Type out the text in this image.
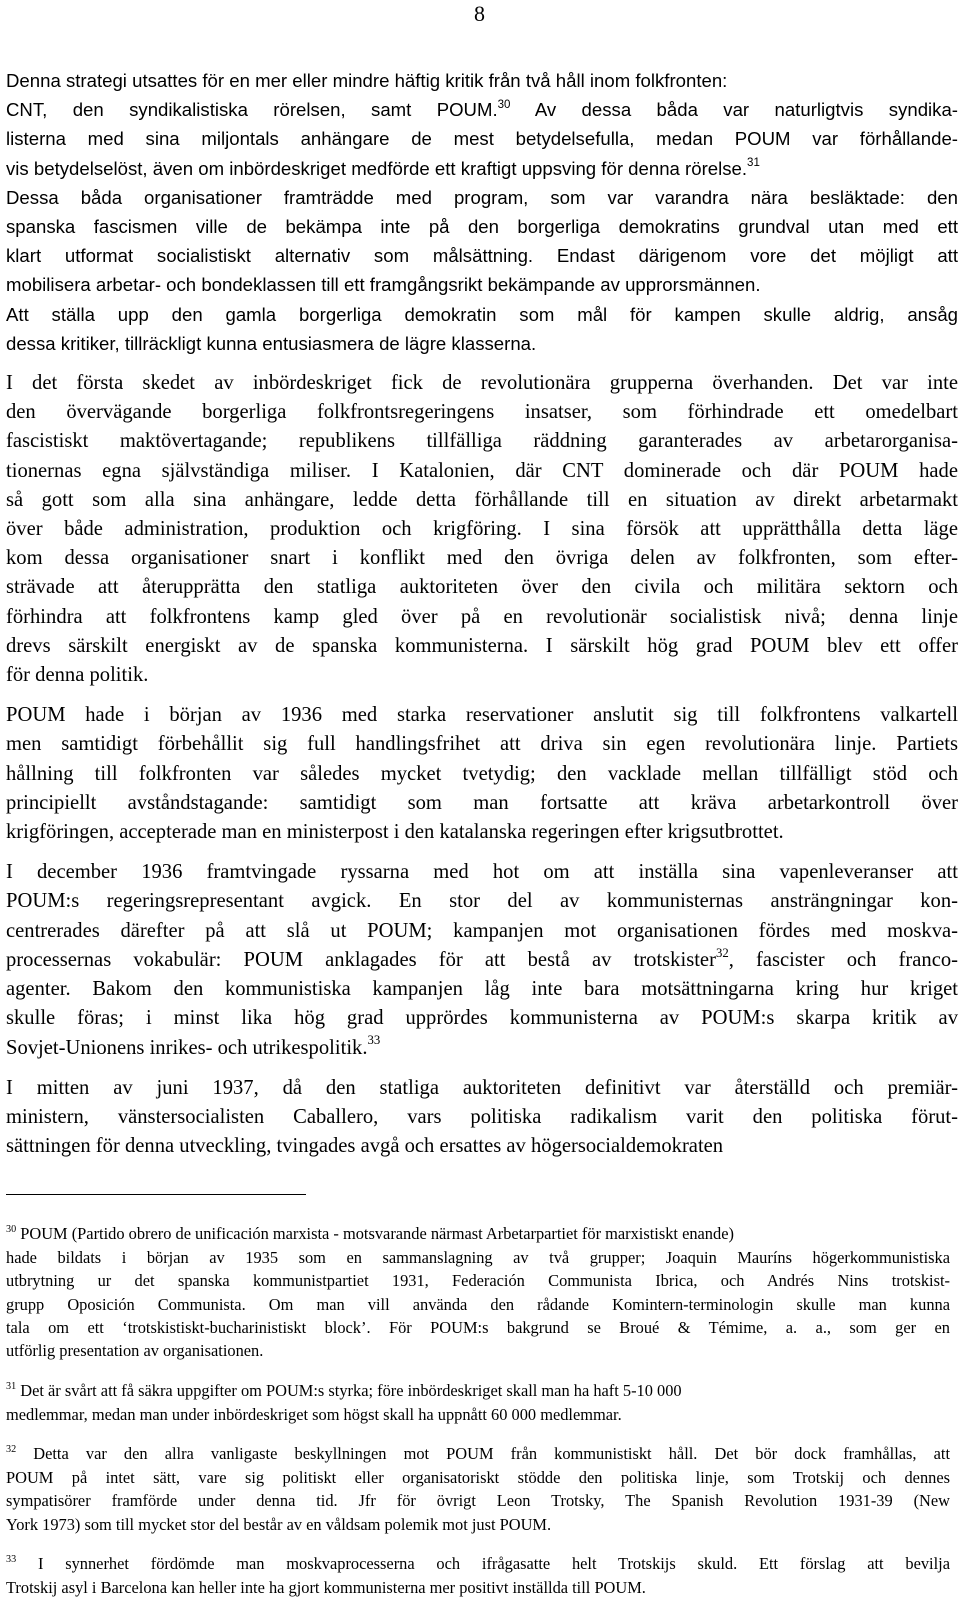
8

Denna strategi utsattes för en mer eller mindre häftig kritik från två håll inom folkfronten:
CNT, den syndikalistiska rörelsen, samt POUM.$^{30}$ Av dessa båda var naturligtvis syndika-
listerna med sina miljontals anhängare de mest betydelsefulla, medan POUM var förhållande-
vis betydelselöst, även om inbördeskriget medförde ett kraftigt uppsving för denna rörelse.$^{31}$
Dessa båda organisationer framträdde med program, som var varandra nära besläktade: den
spanska fascismen ville de bekämpa inte på den borgerliga demokratins grundval utan med ett
klart utformat socialistiskt alternativ som målsättning. Endast därigenom vore det möjligt att
mobilisera arbetar- och bondeklassen till ett framgångsrikt bekämpande av upprorsmännen.
Att ställa upp den gamla borgerliga demokratin som mål för kampen skulle aldrig, ansåg
dessa kritiker, tillräckligt kunna entusiasmera de lägre klasserna.

I det första skedet av inbördeskriget fick de revolutionära grupperna överhanden. Det var inte
den övervägande borgerliga folkfrontsregeringens insatser, som förhindrade ett omedelbart
fascistiskt maktövertagande; republikens tillfälliga räddning garanterades av arbetarorganisa-
tionernas egna självständiga miliser. I Katalonien, där CNT dominerade och där POUM hade
så gott som alla sina anhängare, ledde detta förhållande till en situation av direkt arbetarmakt
över både administration, produktion och krigföring. I sina försök att upprätthålla detta läge
kom dessa organisationer snart i konflikt med den övriga delen av folkfronten, som efter-
strävade att återupprätta den statliga auktoriteten över den civila och militära sektorn och
förhindra att folkfrontens kamp gled över på en revolutionär socialistisk nivå; denna linje
drevs särskilt energiskt av de spanska kommunisterna. I särskilt hög grad POUM blev ett offer
för denna politik.

POUM hade i början av 1936 med starka reservationer anslutit sig till folkfrontens valkartell
men samtidigt förbehållit sig full handlingsfrihet att driva sin egen revolutionära linje. Partiets
hållning till folkfronten var således mycket tvetydig; den vacklade mellan tillfälligt stöd och
principiellt avståndstagande: samtidigt som man fortsatte att kräva arbetarkontroll över
krigföringen, accepterade man en ministerpost i den katalanska regeringen efter krigsutbrottet.

I december 1936 framtvingade ryssarna med hot om att inställa sina vapenleveranser att
POUM:s regeringsrepresentant avgick. En stor del av kommunisternas ansträngningar kon-
centrerades därefter på att slå ut POUM; kampanjen mot organisationen fördes med moskva-
processernas vokabulär: POUM anklagades för att bestå av trotskister$^{32}$, fascister och franco-
agenter. Bakom den kommunistiska kampanjen låg inte bara motsättningarna kring hur kriget
skulle föras; i minst lika hög grad upprördes kommunisterna av POUM:s skarpa kritik av
Sovjet-Unionens inrikes- och utrikespolitik.$^{33}$

I mitten av juni 1937, då den statliga auktoriteten definitivt var återställd och premiär-
ministern, vänstersocialisten Caballero, vars politiska radikalism varit den politiska förut-
sättningen för denna utveckling, tvingades avgå och ersattes av högersocialdemokraten

$^{30}$ POUM (Partido obrero de unificación marxista - motsvarande närmast Arbetarpartiet för marxistiskt enande)
hade bildats i början av 1935 som en sammanslagning av två grupper; Joaquin Mauríns högerkommunistiska
utbrytning ur det spanska kommunistpartiet 1931, Federación Communista Ibrica, och Andrés Nins trotskist-
grupp Oposición Communista. Om man vill använda den rådande Komintern-terminologin skulle man kunna
tala om ett ‘trotskistiskt-bucharinistiskt block’. För POUM:s bakgrund se Broué & Témime, a. a., som ger en
utförlig presentation av organisationen.

$^{31}$ Det är svårt att få säkra uppgifter om POUM:s styrka; före inbördeskriget skall man ha haft 5-10 000
medlemmar, medan man under inbördeskriget som högst skall ha uppnått 60 000 medlemmar.

$^{32}$ Detta var den allra vanligaste beskyllningen mot POUM från kommunistiskt håll. Det bör dock framhållas, att
POUM på intet sätt, vare sig politiskt eller organisatoriskt stödde den politiska linje, som Trotskij och dennes
sympatisörer framförde under denna tid. Jfr för övrigt Leon Trotsky, The Spanish Revolution 1931-39 (New
York 1973) som till mycket stor del består av en våldsam polemik mot just POUM.

$^{33}$ I synnerhet fördömde man moskvaprocesserna och ifrågasatte helt Trotskijs skuld. Ett förslag att bevilja
Trotskij asyl i Barcelona kan heller inte ha gjort kommunisterna mer positivt inställda till POUM.
